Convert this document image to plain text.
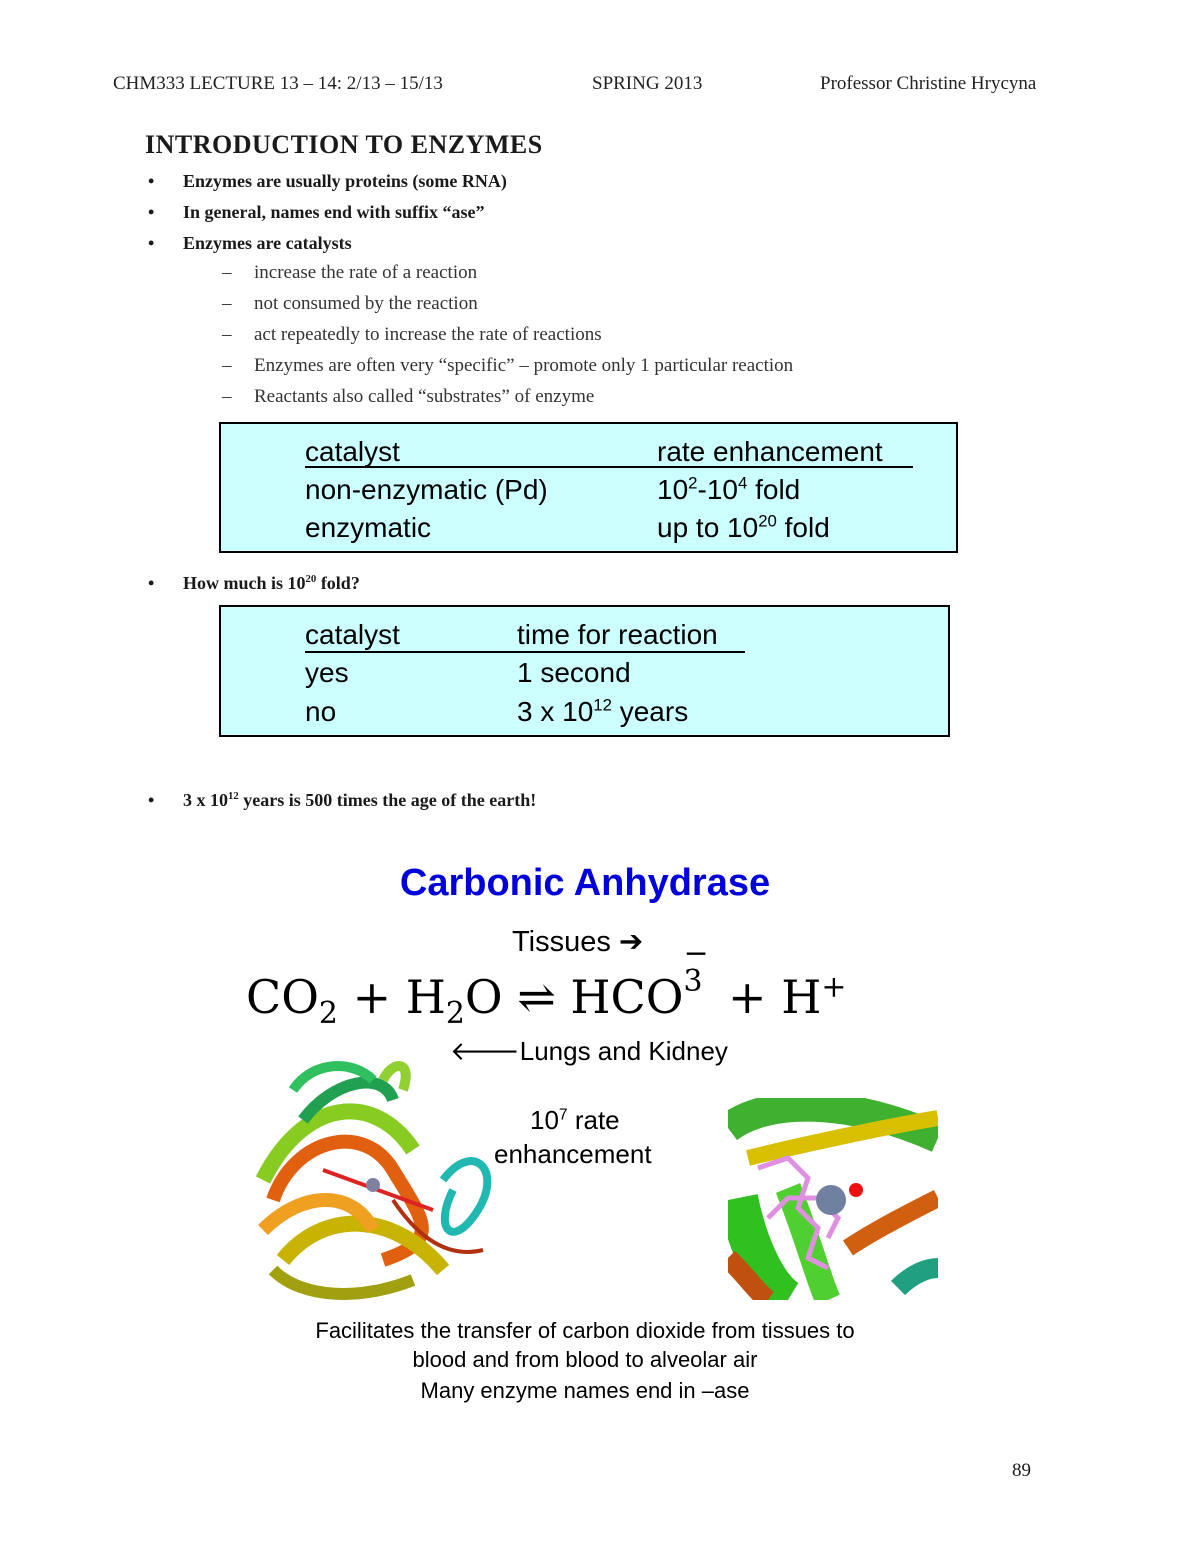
CHM333 LECTURE 13 – 14: 2/13 – 15/13	SPRING 2013	Professor Christine Hrycyna
INTRODUCTION TO ENZYMES
• Enzymes are usually proteins (some RNA)
• In general, names end with suffix “ase”
• Enzymes are catalysts
– increase the rate of a reaction
– not consumed by the reaction
– act repeatedly to increase the rate of reactions
– Enzymes are often very “specific” – promote only 1 particular reaction
– Reactants also called “substrates” of enzyme
catalyst	rate enhancement
non-enzymatic (Pd)	$10^2-10^4$ fold
enzymatic	up to $10^{20}$ fold
• How much is $10^{20}$ fold?
catalyst	time for reaction
yes	1 second
no	3 x $10^{12}$ years
• 3 x $10^{12}$ years is 500 times the age of the earth!
Carbonic Anhydrase
Tissues ➔
$CO_2 + H_2O$ ⇌ HCO
−
3 + H+
🡐Lungs and Kidney
$10^7$ rate
enhancement
Facilitates the transfer of carbon dioxide from tissues to
blood and from blood to alveolar air
Many enzyme names end in –ase
89
